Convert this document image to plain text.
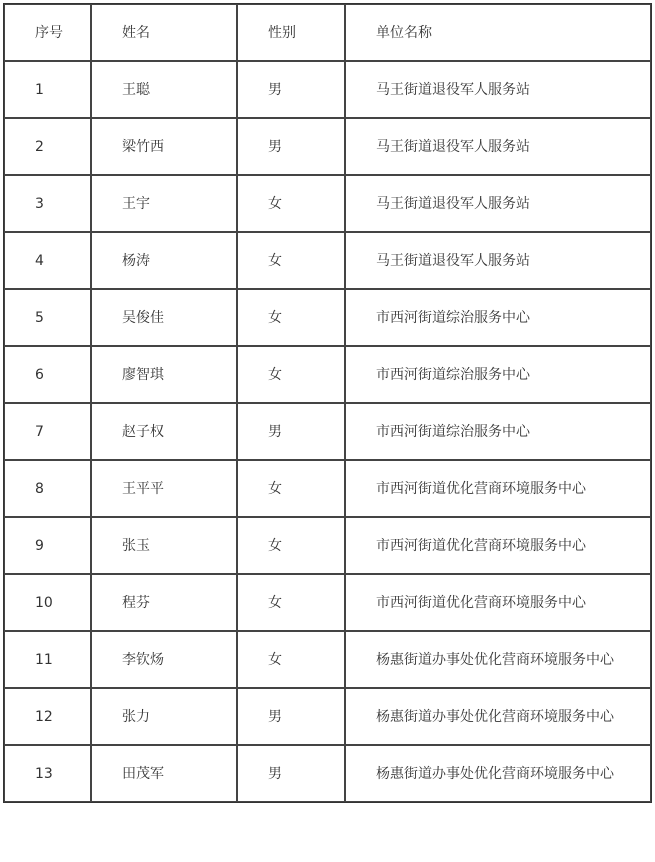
序号	姓名	性别	单位名称
1	王聪	男	马王街道退役军人服务站
2	梁竹西	男	马王街道退役军人服务站
3	王宇	女	马王街道退役军人服务站
4	杨涛	女	马王街道退役军人服务站
5	吴俊佳	女	市西河街道综治服务中心
6	廖智琪	女	市西河街道综治服务中心
7	赵子权	男	市西河街道综治服务中心
8	王平平	女	市西河街道优化营商环境服务中心
9	张玉	女	市西河街道优化营商环境服务中心
10	程芬	女	市西河街道优化营商环境服务中心
11	李钦炀	女	杨惠街道办事处优化营商环境服务中心
12	张力	男	杨惠街道办事处优化营商环境服务中心
13	田茂军	男	杨惠街道办事处优化营商环境服务中心
